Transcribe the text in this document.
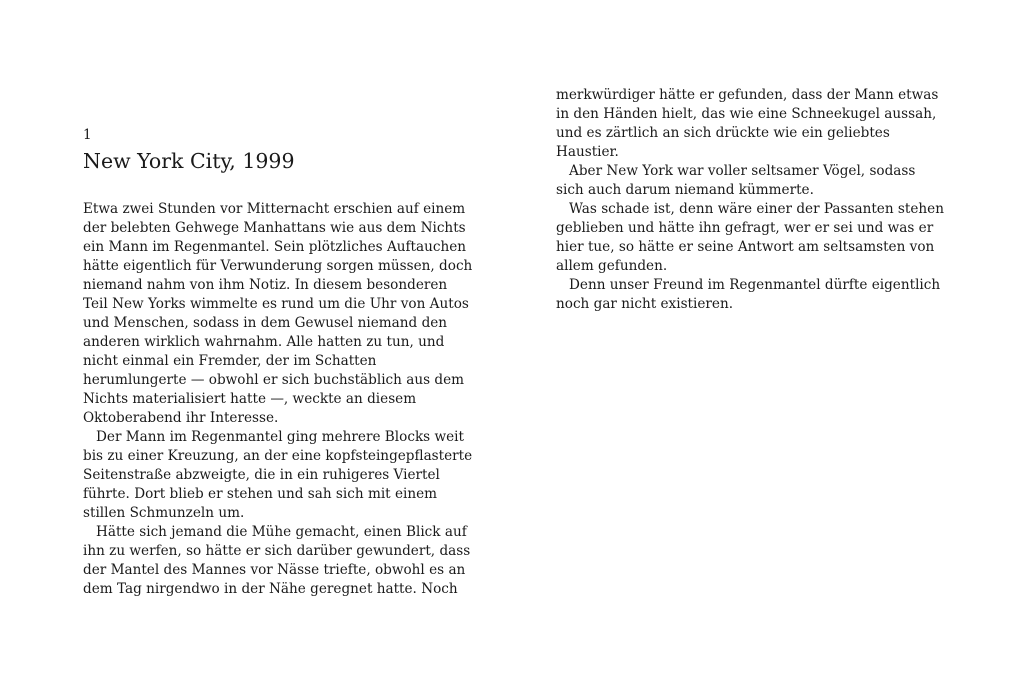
1

New York City, 1999
Etwa zwei Stunden vor Mitternacht erschien auf einem
der belebten Gehwege Manhattans wie aus dem Nichts
ein Mann im Regenmantel. Sein plötzliches Auftauchen
hätte eigentlich für Verwunderung sorgen müssen, doch
niemand nahm von ihm Notiz. In diesem besonderen
Teil New Yorks wimmelte es rund um die Uhr von Autos
und Menschen, sodass in dem Gewusel niemand den
anderen wirklich wahrnahm. Alle hatten zu tun, und
nicht einmal ein Fremder, der im Schatten
herumlungerte — obwohl er sich buchstäblich aus dem
Nichts materialisiert hatte —, weckte an diesem
Oktoberabend ihr Interesse.
Der Mann im Regenmantel ging mehrere Blocks weit
bis zu einer Kreuzung, an der eine kopfsteingepflasterte
Seitenstraße abzweigte, die in ein ruhigeres Viertel
führte. Dort blieb er stehen und sah sich mit einem
stillen Schmunzeln um.
Hätte sich jemand die Mühe gemacht, einen Blick auf
ihn zu werfen, so hätte er sich darüber gewundert, dass
der Mantel des Mannes vor Nässe triefte, obwohl es an
dem Tag nirgendwo in der Nähe geregnet hatte. Noch
merkwürdiger hätte er gefunden, dass der Mann etwas
in den Händen hielt, das wie eine Schneekugel aussah,
und es zärtlich an sich drückte wie ein geliebtes
Haustier.
Aber New York war voller seltsamer Vögel, sodass
sich auch darum niemand kümmerte.
Was schade ist, denn wäre einer der Passanten stehen
geblieben und hätte ihn gefragt, wer er sei und was er
hier tue, so hätte er seine Antwort am seltsamsten von
allem gefunden.
Denn unser Freund im Regenmantel dürfte eigentlich
noch gar nicht existieren.
